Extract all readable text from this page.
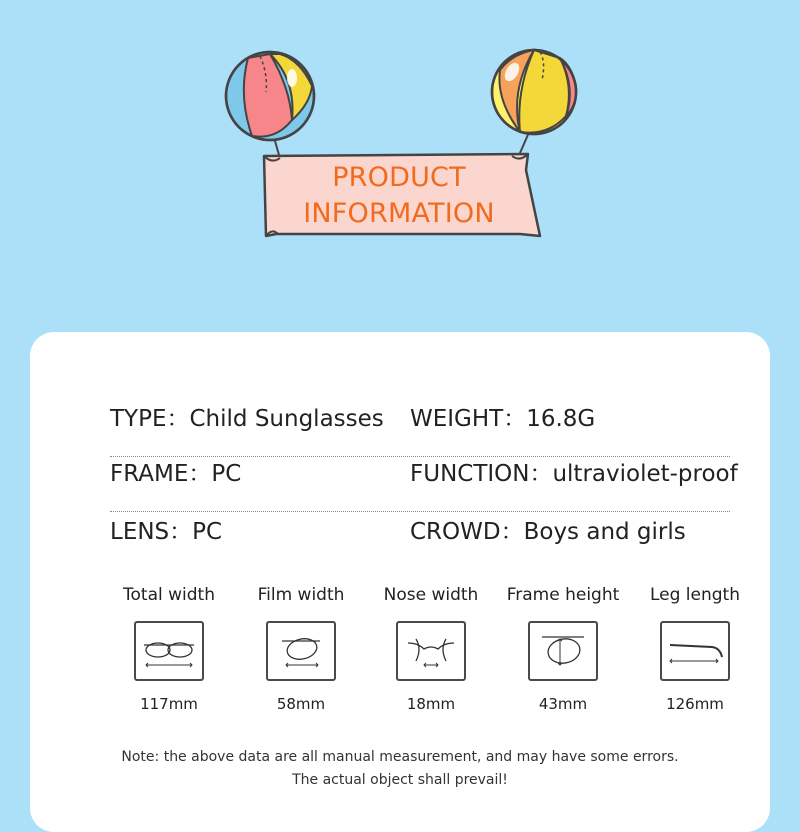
PRODUCT
INFORMATION
TYPE：Child Sunglasses WEIGHT：16.8G
FRAME：PC	FUNCTION：ultraviolet-proof
LENS：PC	CROWD：Boys and girls
Total width
117mm
Film width
58mm
Nose width
18mm
Frame height
43mm
Leg length
126mm
Note: the above data are all manual measurement, and may have some errors.
The actual object shall prevail!
